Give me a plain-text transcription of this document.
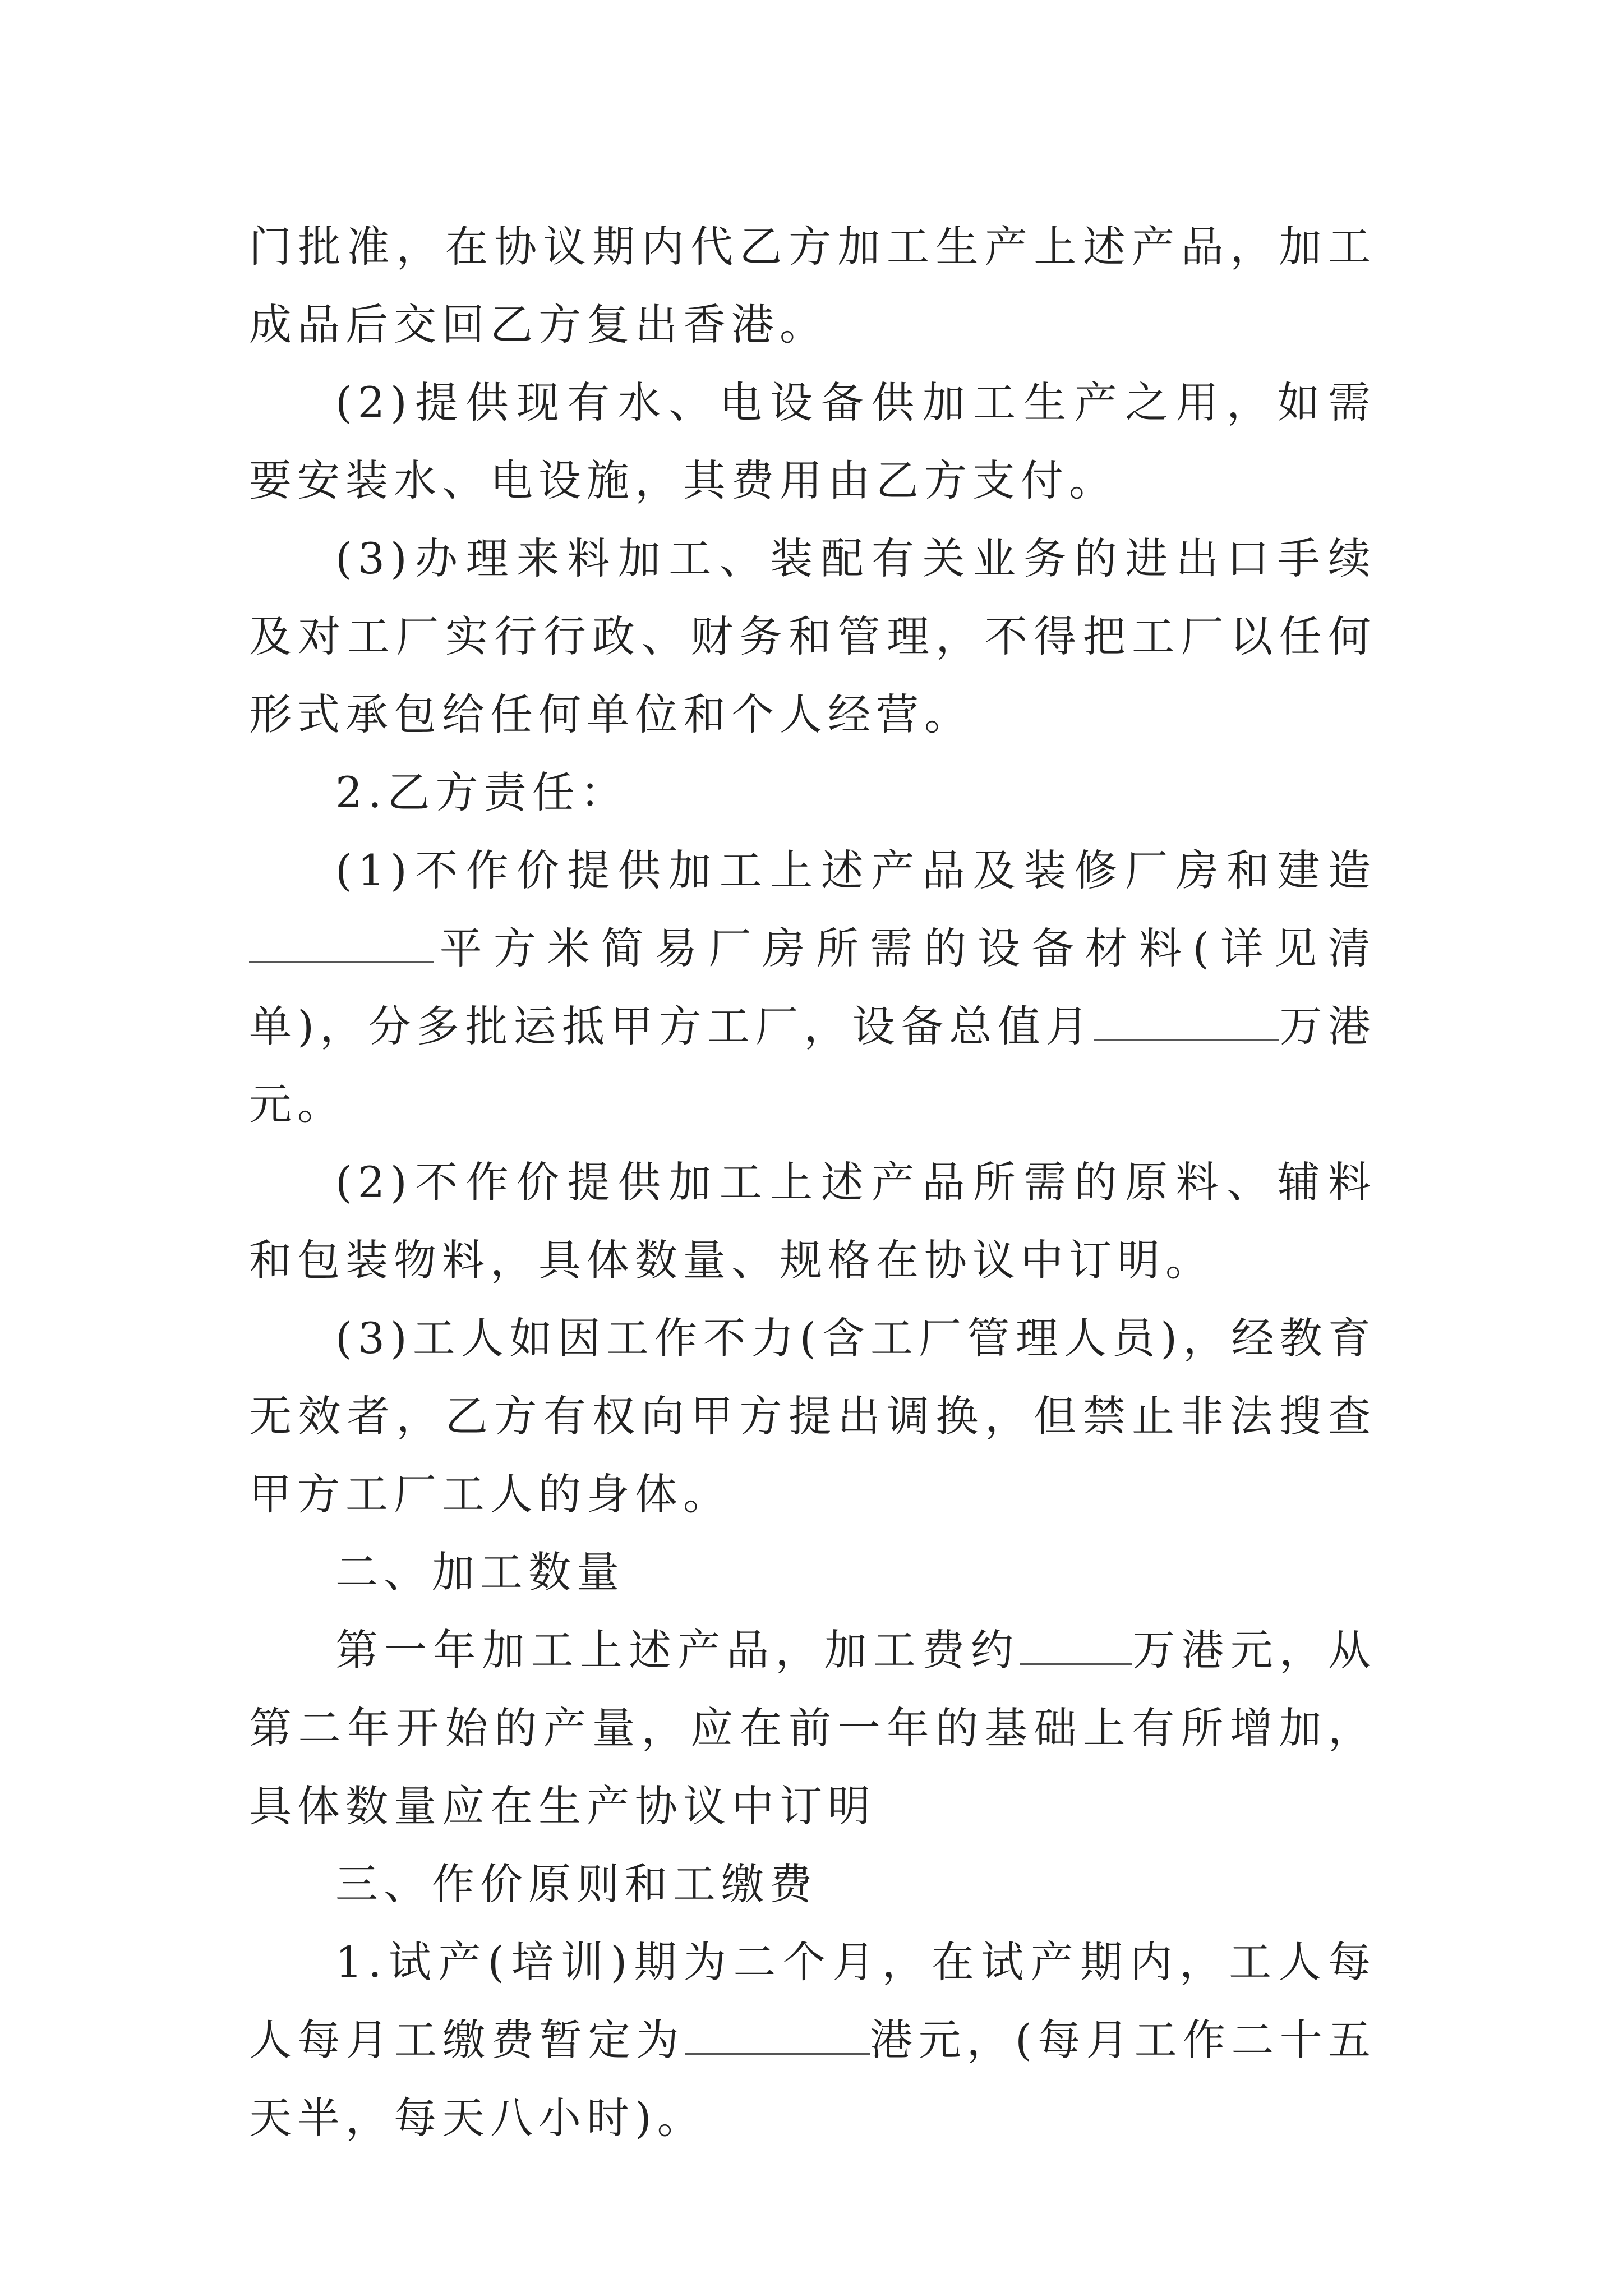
门批准，在协议期内代乙方加工生产上述产品，加工成品后交回乙方复出香港。

(2)提供现有水、电设备供加工生产之用，如需要安装水、电设施，其费用由乙方支付。

(3)办理来料加工、装配有关业务的进出口手续及对工厂实行行政、财务和管理，不得把工厂以任何形式承包给任何单位和个人经营。

2.乙方责任：

(1)不作价提供加工上述产品及装修厂房和建造平方米简易厂房所需的设备材料(详见清单)，分多批运抵甲方工厂，设备总值月	万港元。

(2)不作价提供加工上述产品所需的原料、辅料和包装物料，具体数量、规格在协议中订明。

(3)工人如因工作不力(含工厂管理人员)，经教育无效者，乙方有权向甲方提出调换，但禁止非法搜查甲方工厂工人的身体。

二、加工数量

第一年加工上述产品，加工费约	万港元，从第二年开始的产量，应在前一年的基础上有所增加，具体数量应在生产协议中订明

三、作价原则和工缴费

1.试产(培训)期为二个月，在试产期内，工人每人每月工缴费暂定为	港元，(每月工作二十五天半，每天八小时)。
